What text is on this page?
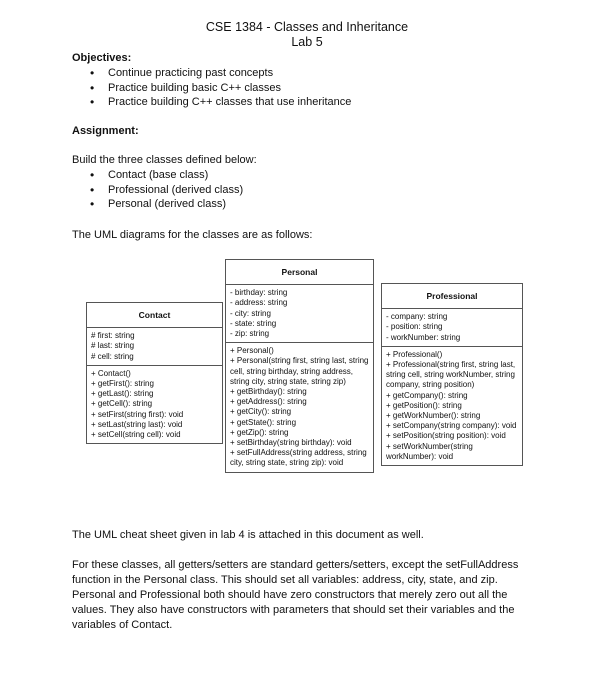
CSE 1384 - Classes and Inheritance
Lab 5
Objectives:
• Continue practicing past concepts
• Practice building basic C++ classes
• Practice building C++ classes that use inheritance
Assignment:
Build the three classes defined below:
• Contact (base class)
• Professional (derived class)
• Personal (derived class)
The UML diagrams for the classes are as follows:
Contact
# first: string
# last: string
# cell: string
+ Contact()
+ getFirst(): string
+ getLast(): string
+ getCell(): string
+ setFirst(string first): void
+ setLast(string last): void
+ setCell(string cell): void
Personal
- birthday: string
- address: string
- city: string
- state: string
- zip: string
+ Personal()
+ Personal(string first, string last, string cell, string birthday, string address, string city, string state, string zip)
+ getBirthday(): string
+ getAddress(): string
+ getCity(): string
+ getState(): string
+ getZip(): string
+ setBirthday(string birthday): void
+ setFullAddress(string address, string city, string state, string zip): void
Professional
- company: string
- position: string
- workNumber: string
+ Professional()
+ Professional(string first, string last, string cell, string workNumber, string company, string position)
+ getCompany(): string
+ getPosition(): string
+ getWorkNumber(): string
+ setCompany(string company): void
+ setPosition(string position): void
+ setWorkNumber(string workNumber): void
The UML cheat sheet given in lab 4 is attached in this document as well.
For these classes, all getters/setters are standard getters/setters, except the setFullAddress function in the Personal class. This should set all variables: address, city, state, and zip. Personal and Professional both should have zero constructors that merely zero out all the values. They also have constructors with parameters that should set their variables and the variables of Contact.
